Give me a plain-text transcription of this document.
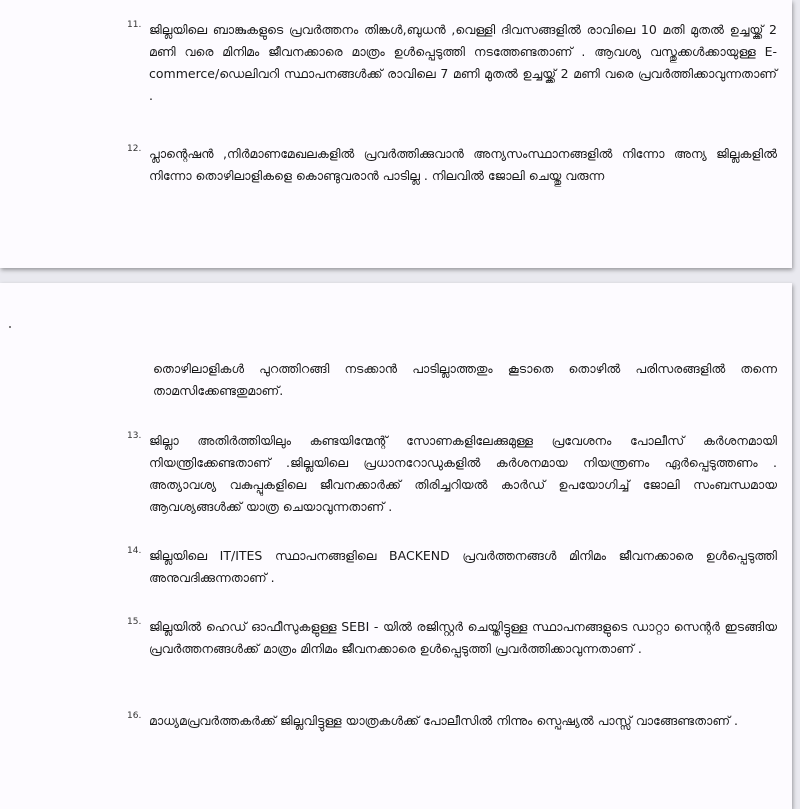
11. ജില്ലയിലെ ബാങ്കുകളുടെ പ്രവർത്തനം തിങ്കൾ,ബുധൻ ,വെള്ളി ദിവസങ്ങളിൽ രാവിലെ 10 മതി മുതൽ ഉച്ചയ്ക്ക് 2 മണി വരെ മിനിമം ജീവനക്കാരെ മാത്രം ഉൾപ്പെടുത്തി നടത്തേണ്ടതാണ് . ആവശ്യ വസ്തുക്കൾക്കായുള്ള E-commerce/ഡെലിവറി സ്ഥാപനങ്ങൾക്ക് രാവിലെ 7 മണി മുതൽ ഉച്ചയ്ക്ക് 2 മണി വരെ പ്രവർത്തിക്കാവുന്നതാണ് .
12. പ്ലാന്റെഷൻ ,നിർമാണമേഖലകളിൽ പ്രവർത്തിക്കുവാൻ അന്യസംസ്ഥാനങ്ങളിൽ നിന്നോ അന്യ ജില്ലകളിൽ നിന്നോ തൊഴിലാളികളെ കൊണ്ടുവരാൻ പാടില്ല . നിലവിൽ ജോലി ചെയ്തു വരുന്ന
തൊഴിലാളികൾ പുറത്തിറങ്ങി നടക്കാൻ പാടില്ലാത്തതും കൂടാതെ തൊഴിൽ പരിസരങ്ങളിൽ തന്നെ താമസിക്കേണ്ടതുമാണ്.
13. ജില്ലാ അതിർത്തിയിലും കണ്ടയിന്മേന്റ് സോണകളിലേക്കുമുള്ള പ്രവേശനം പോലീസ് കർശനമായി നിയന്ത്രിക്കേണ്ടതാണ് .ജില്ലയിലെ പ്രധാനറോഡുകളിൽ കർശനമായ നിയന്ത്രണം ഏർപ്പെടുത്തണം . അത്യാവശ്യ വകുപ്പുകളിലെ ജീവനക്കാർക്ക് തിരിച്ചറിയൽ കാർഡ് ഉപയോഗിച്ച് ജോലി സംബന്ധമായ ആവശ്യങ്ങൾക്ക് യാത്ര ചെയാവുന്നതാണ് .
14. ജില്ലയിലെ IT/ITES സ്ഥാപനങ്ങളിലെ BACKEND പ്രവർത്തനങ്ങൾ മിനിമം ജീവനക്കാരെ ഉൾപ്പെടുത്തി അനുവദിക്കുന്നതാണ് .
15. ജില്ലയിൽ ഹെഡ് ഓഫീസുകളുള്ള SEBI - യിൽ രജിസ്റ്റർ ചെയ്തിട്ടുള്ള സ്ഥാപനങ്ങളുടെ ഡാറ്റാ സെന്റർ ഇടങ്ങിയ പ്രവർത്തനങ്ങൾക്ക് മാത്രം മിനിമം ജീവനക്കാരെ ഉൾപ്പെടുത്തി പ്രവർത്തിക്കാവുന്നതാണ് .
16. മാധ്യമപ്രവർത്തകർക്ക് ജില്ലവിട്ടുള്ള യാത്രകൾക്ക് പോലീസിൽ നിന്നും സ്പെഷ്യൽ പാസ്സ് വാങ്ങേണ്ടതാണ് .
